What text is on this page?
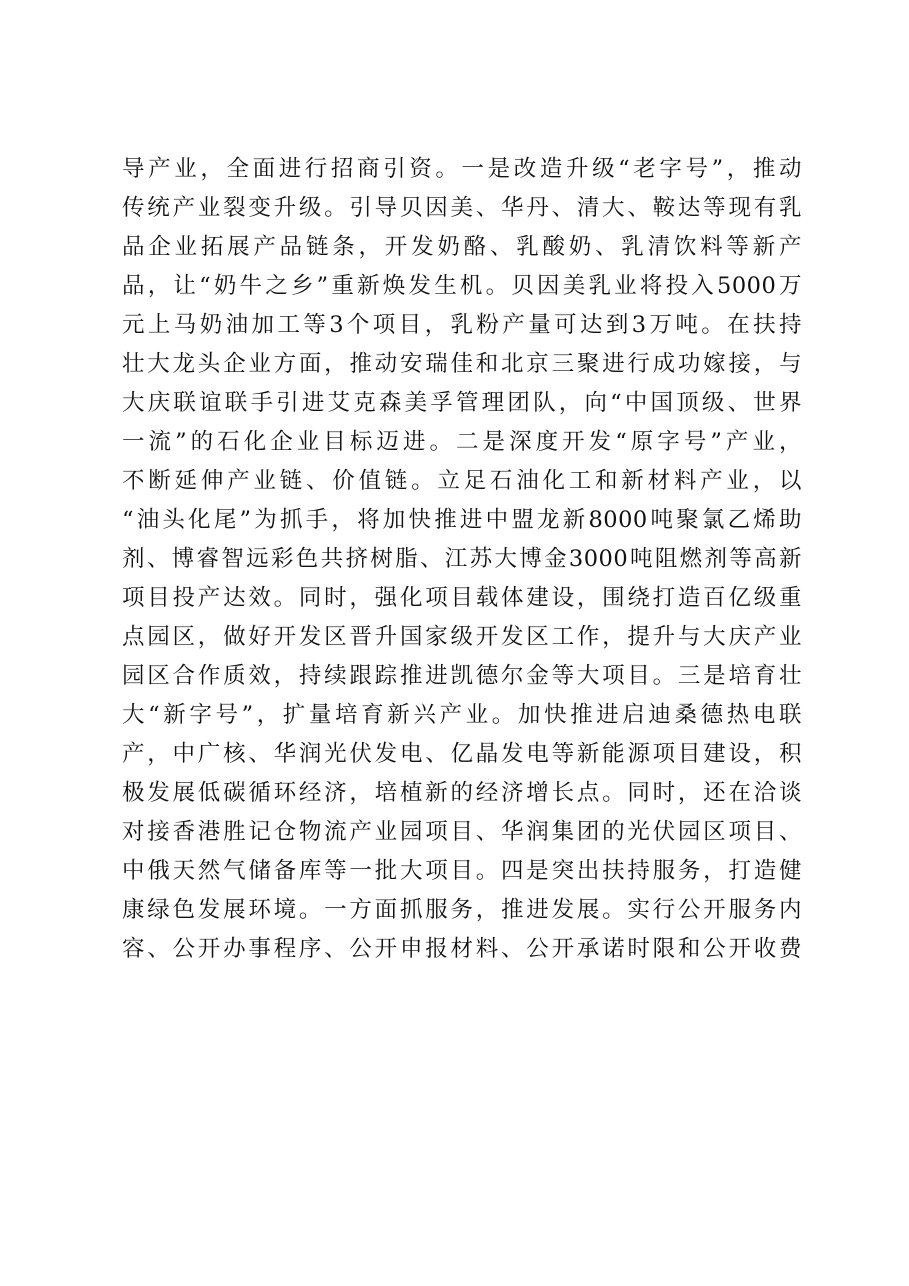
导产业，全面进行招商引资。一是改造升级“老字号”，推动
传统产业裂变升级。引导贝因美、华丹、清大、鞍达等现有乳
品企业拓展产品链条，开发奶酪、乳酸奶、乳清饮料等新产
品，让“奶牛之乡”重新焕发生机。贝因美乳业将投入5000万
元上马奶油加工等3个项目，乳粉产量可达到3万吨。在扶持
壮大龙头企业方面，推动安瑞佳和北京三聚进行成功嫁接，与
大庆联谊联手引进艾克森美孚管理团队，向“中国顶级、世界
一流”的石化企业目标迈进。二是深度开发“原字号”产业，
不断延伸产业链、价值链。立足石油化工和新材料产业，以
“油头化尾”为抓手，将加快推进中盟龙新8000吨聚氯乙烯助
剂、博睿智远彩色共挤树脂、江苏大博金3000吨阻燃剂等高新
项目投产达效。同时，强化项目载体建设，围绕打造百亿级重
点园区，做好开发区晋升国家级开发区工作，提升与大庆产业
园区合作质效，持续跟踪推进凯德尔金等大项目。三是培育壮
大“新字号”，扩量培育新兴产业。加快推进启迪桑德热电联
产，中广核、华润光伏发电、亿晶发电等新能源项目建设，积
极发展低碳循环经济，培植新的经济增长点。同时，还在洽谈
对接香港胜记仓物流产业园项目、华润集团的光伏园区项目、
中俄天然气储备库等一批大项目。四是突出扶持服务，打造健
康绿色发展环境。一方面抓服务，推进发展。实行公开服务内
容、公开办事程序、公开申报材料、公开承诺时限和公开收费
